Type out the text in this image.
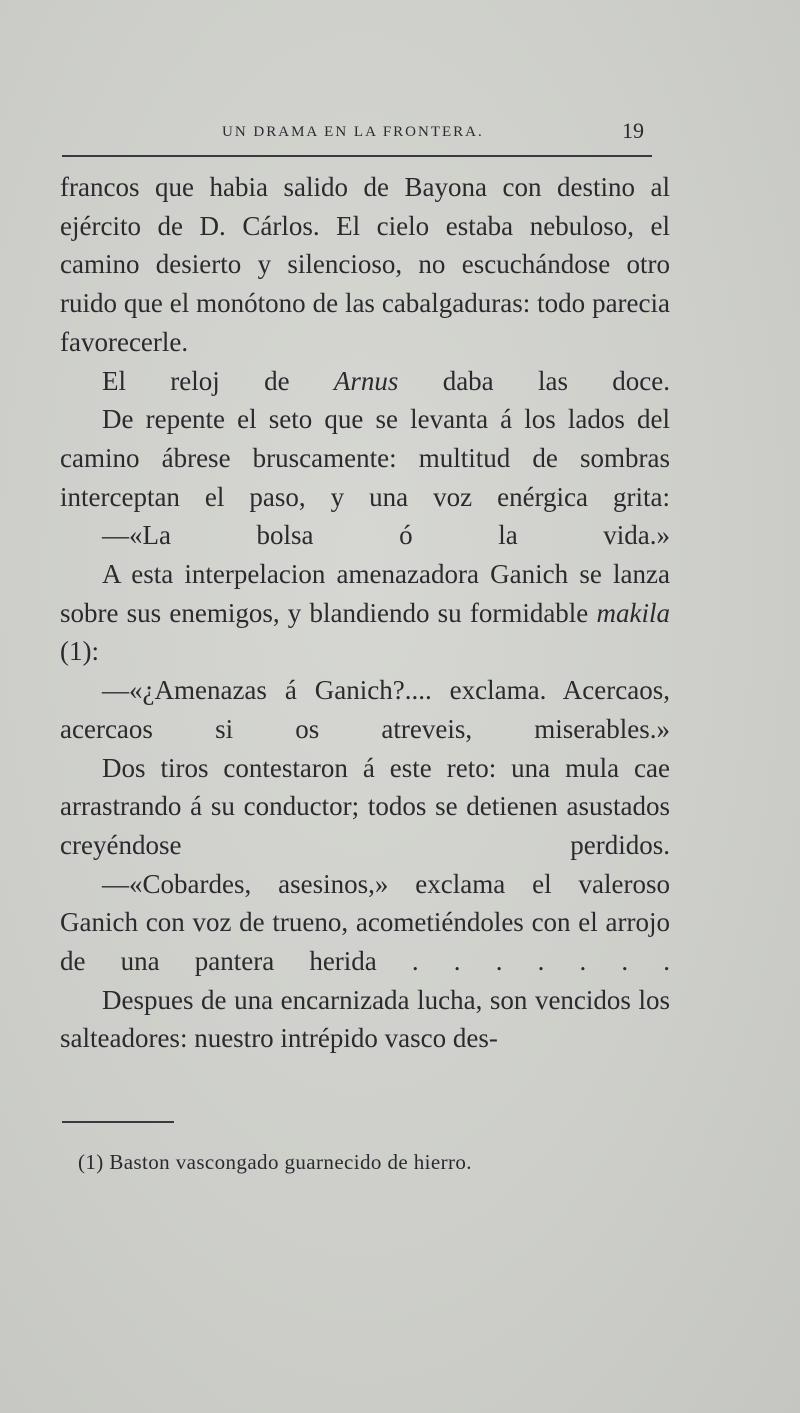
UN DRAMA EN LA FRONTERA.	19

francos que habia salido de Bayona con destino al ejército de D. Cárlos. El cielo estaba nebuloso, el camino desierto y silencioso, no escuchándose otro ruido que el monótono de las cabalgaduras: todo parecia favorecerle.

El reloj de Arnus daba las doce.

De repente el seto que se levanta á los lados del camino ábrese bruscamente: multitud de sombras interceptan el paso, y una voz enérgica grita:

—«La bolsa ó la vida.»

A esta interpelacion amenazadora Ganich se lanza sobre sus enemigos, y blandiendo su formidable makila (1):

—«¿Amenazas á Ganich?.... exclama. Acercaos, acercaos si os atreveis, miserables.»

Dos tiros contestaron á este reto: una mula cae arrastrando á su conductor; todos se detienen asustados creyéndose perdidos.

—«Cobardes, asesinos,» exclama el valeroso Ganich con voz de trueno, acometiéndoles con el arrojo de una pantera herida . . . . . . .

Despues de una encarnizada lucha, son vencidos los salteadores: nuestro intrépido vasco des-

(1) Baston vascongado guarnecido de hierro.
